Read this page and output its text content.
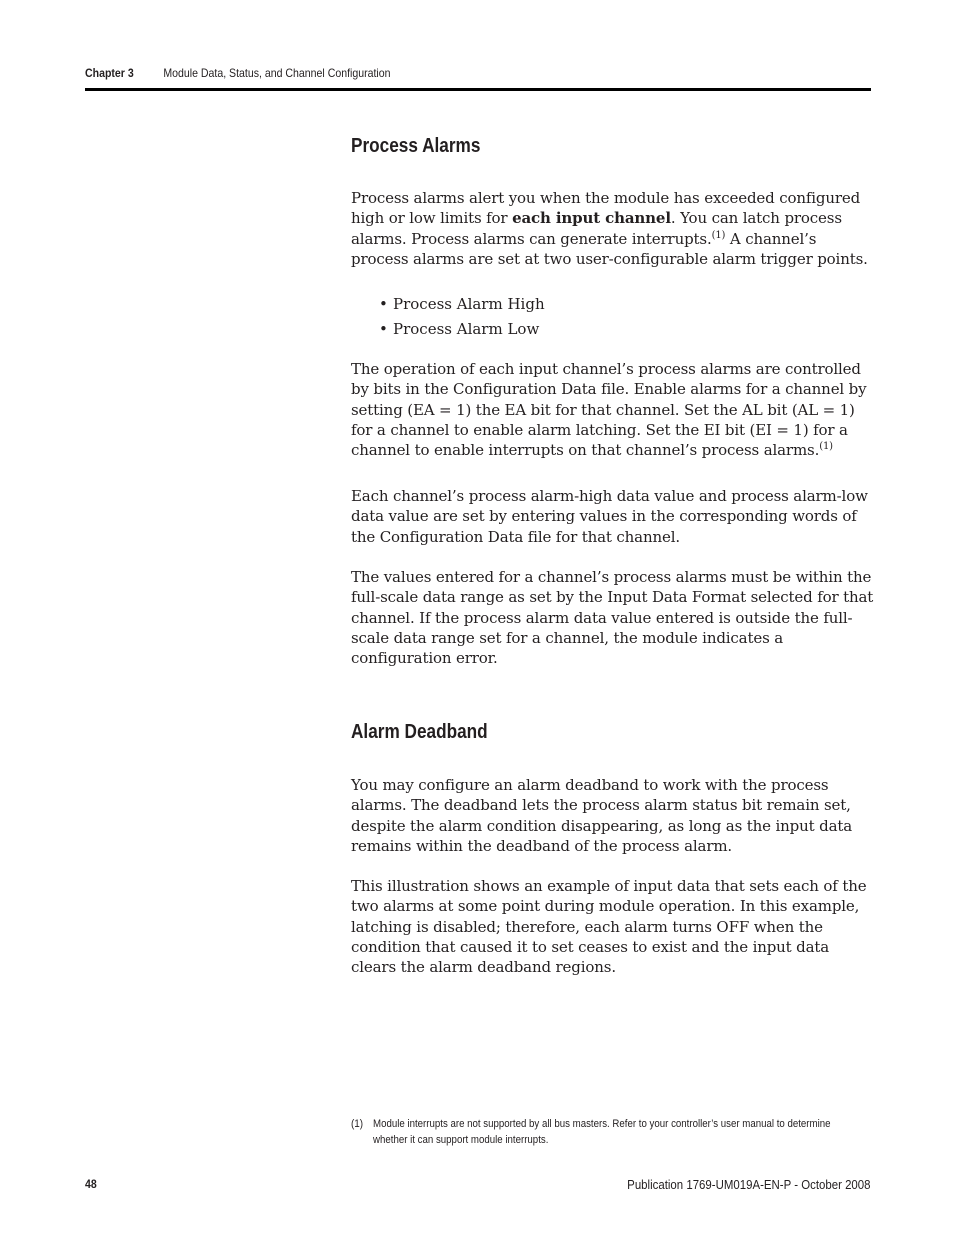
Chapter 3 Module Data, Status, and Channel Configuration
Process Alarms

Process alarms alert you when the module has exceeded configured high or low limits for each input channel. You can latch process alarms. Process alarms can generate interrupts.$^{(1)}$ A channel’s process alarms are set at two user-configurable alarm trigger points.

• Process Alarm High
• Process Alarm Low

The operation of each input channel’s process alarms are controlled by bits in the Configuration Data file. Enable alarms for a channel by setting (EA = 1) the EA bit for that channel. Set the AL bit (AL = 1) for a channel to enable alarm latching. Set the EI bit (EI = 1) for a channel to enable interrupts on that channel’s process alarms.$^{(1)}$

Each channel’s process alarm-high data value and process alarm-low data value are set by entering values in the corresponding words of the Configuration Data file for that channel.

The values entered for a channel’s process alarms must be within the full-scale data range as set by the Input Data Format selected for that channel. If the process alarm data value entered is outside the full-scale data range set for a channel, the module indicates a configuration error.

Alarm Deadband

You may configure an alarm deadband to work with the process alarms. The deadband lets the process alarm status bit remain set, despite the alarm condition disappearing, as long as the input data remains within the deadband of the process alarm.

This illustration shows an example of input data that sets each of the two alarms at some point during module operation. In this example, latching is disabled; therefore, each alarm turns OFF when the condition that caused it to set ceases to exist and the input data clears the alarm deadband regions.

(1) Module interrupts are not supported by all bus masters. Refer to your controller’s user manual to determine whether it can support module interrupts.
48	Publication 1769-UM019A-EN-P - October 2008
